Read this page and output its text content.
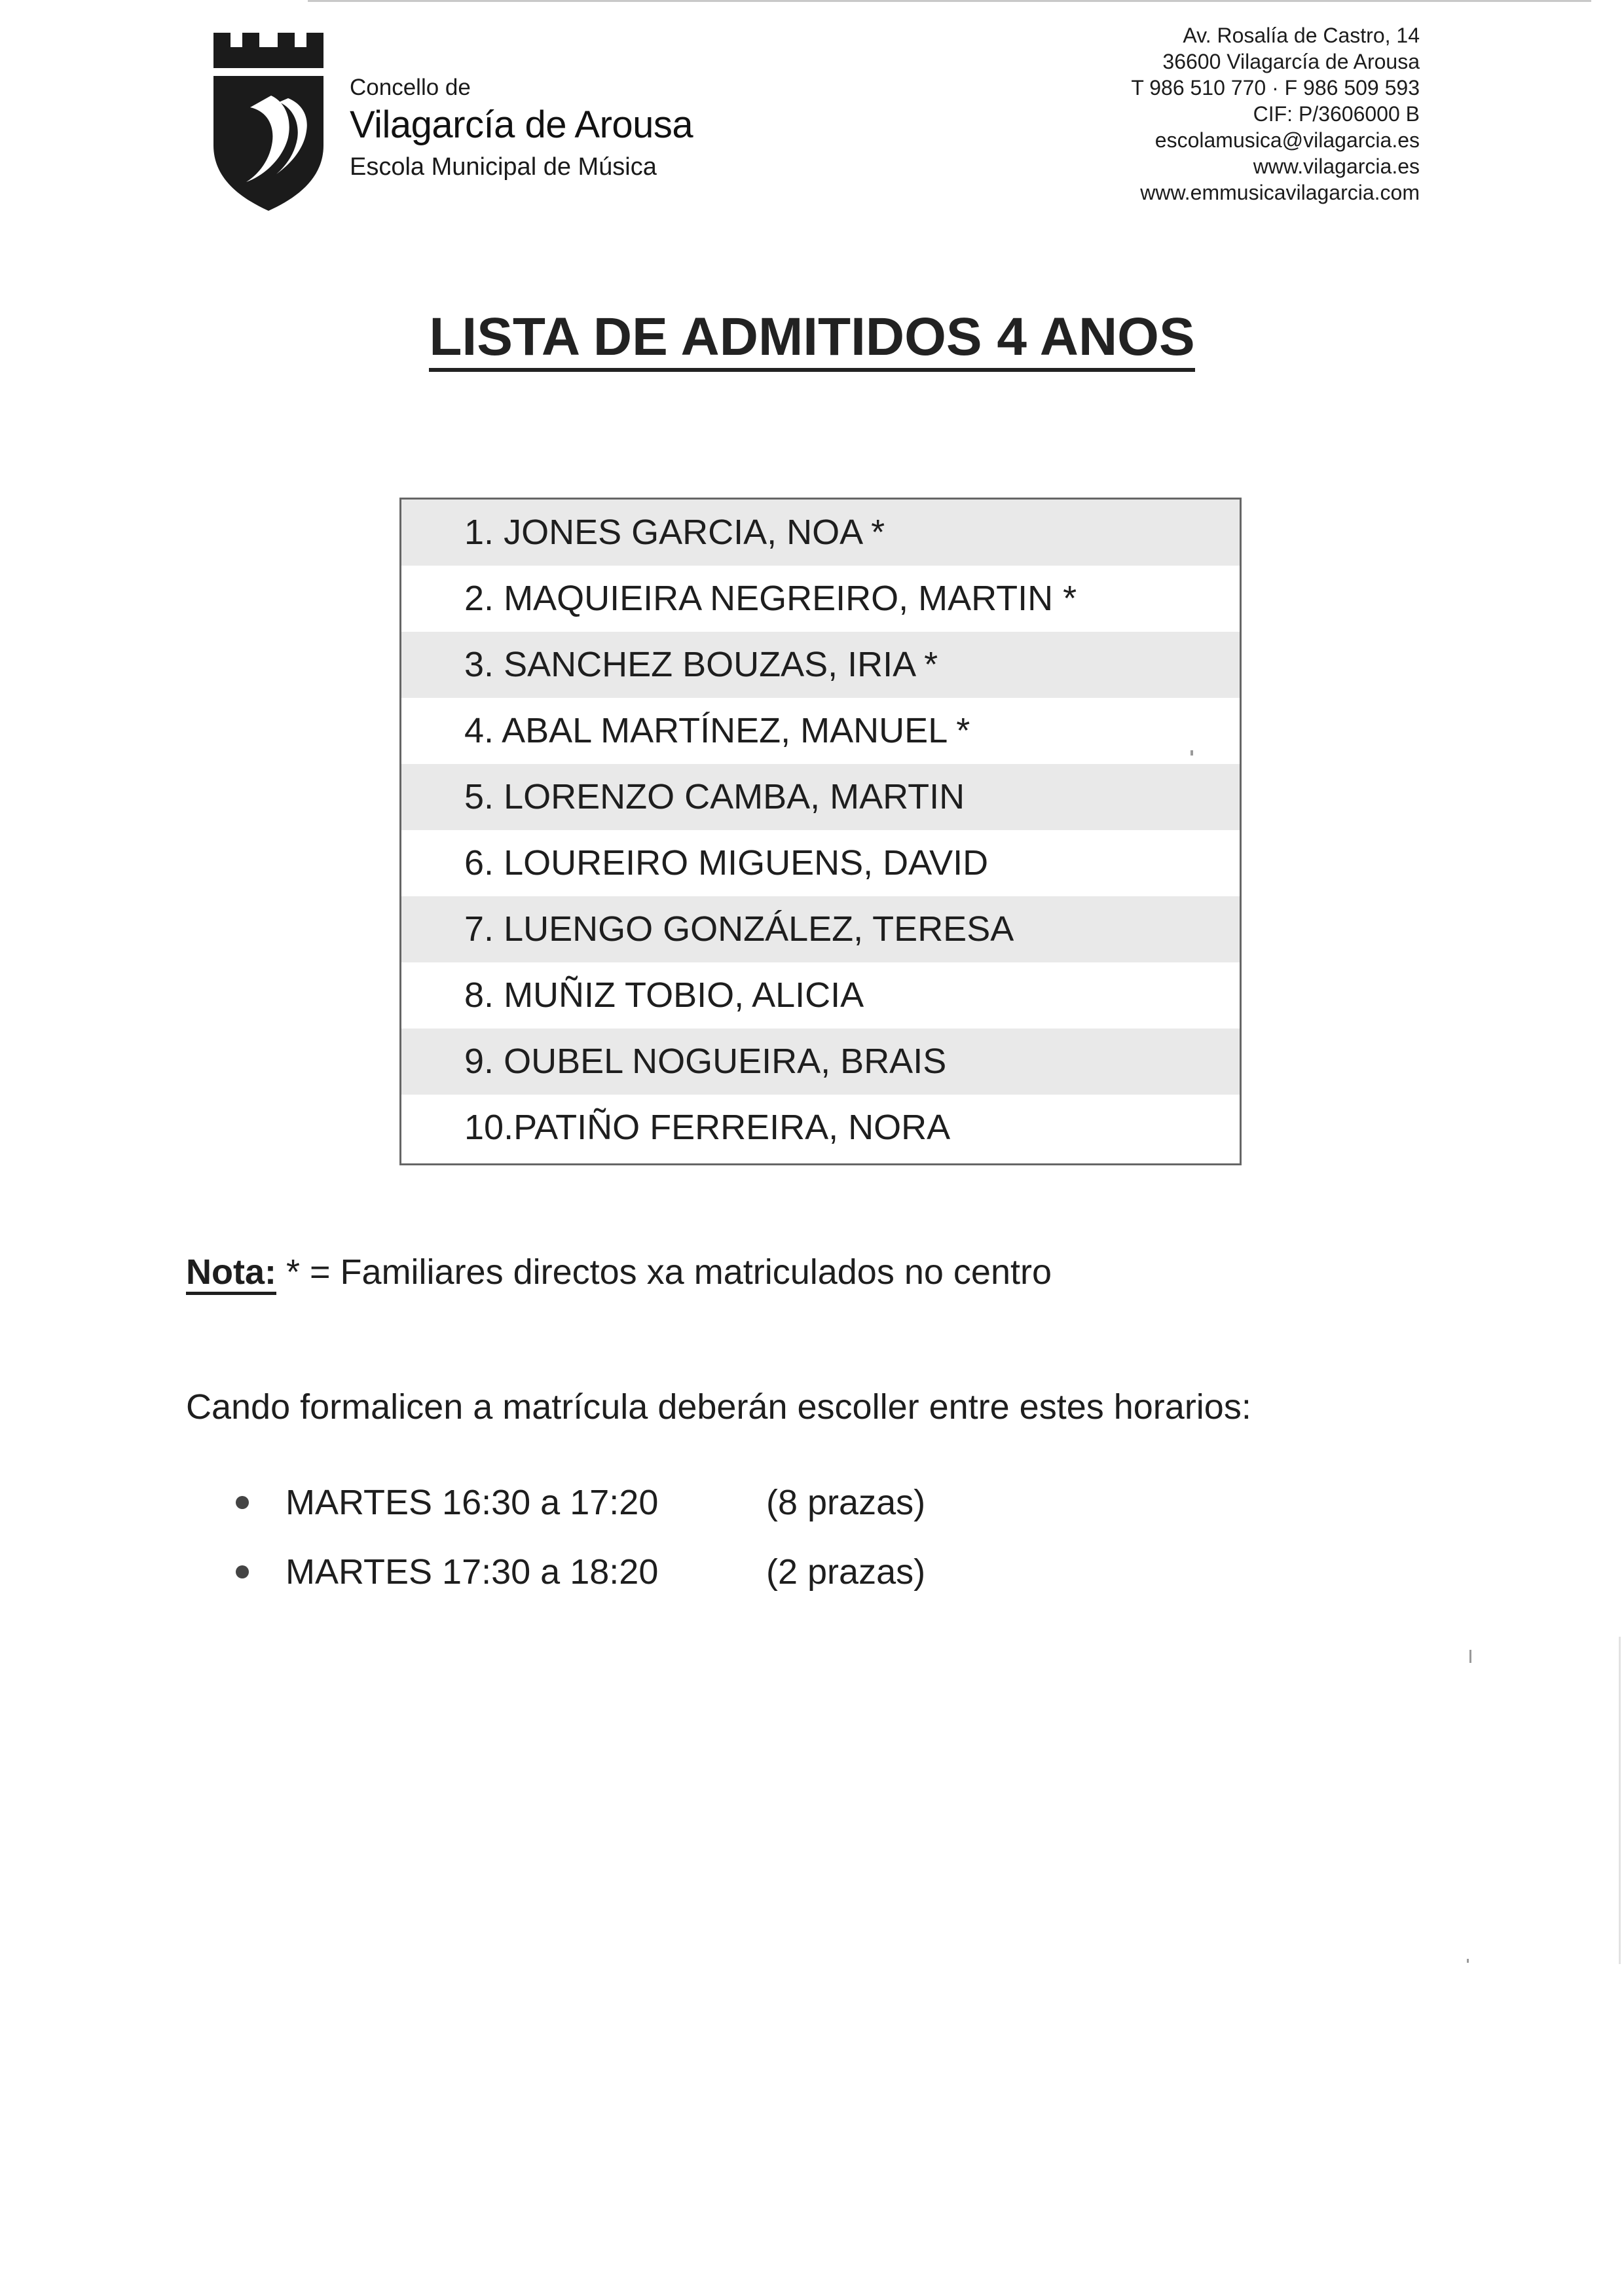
Concello de
Vilagarcía de Arousa
Escola Municipal de Música
Av. Rosalía de Castro, 14
36600 Vilagarcía de Arousa
T 986 510 770 · F 986 509 593
CIF: P/3606000 B
escolamusica@vilagarcia.es
www.vilagarcia.es
www.emmusicavilagarcia.com
LISTA DE ADMITIDOS 4 ANOS
1. JONES GARCIA, NOA *
2. MAQUIEIRA NEGREIRO, MARTIN *
3. SANCHEZ BOUZAS, IRIA *
4. ABAL MARTÍNEZ, MANUEL *
5. LORENZO CAMBA, MARTIN
6. LOUREIRO MIGUENS, DAVID
7. LUENGO GONZÁLEZ, TERESA
8. MUÑIZ TOBIO, ALICIA
9. OUBEL NOGUEIRA, BRAIS
10.PATIÑO FERREIRA, NORA
Nota: * = Familiares directos xa matriculados no centro
Cando formalicen a matrícula deberán escoller entre estes horarios:
MARTES 16:30 a 17:20	(8 prazas)
MARTES 17:30 a 18:20	(2 prazas)
